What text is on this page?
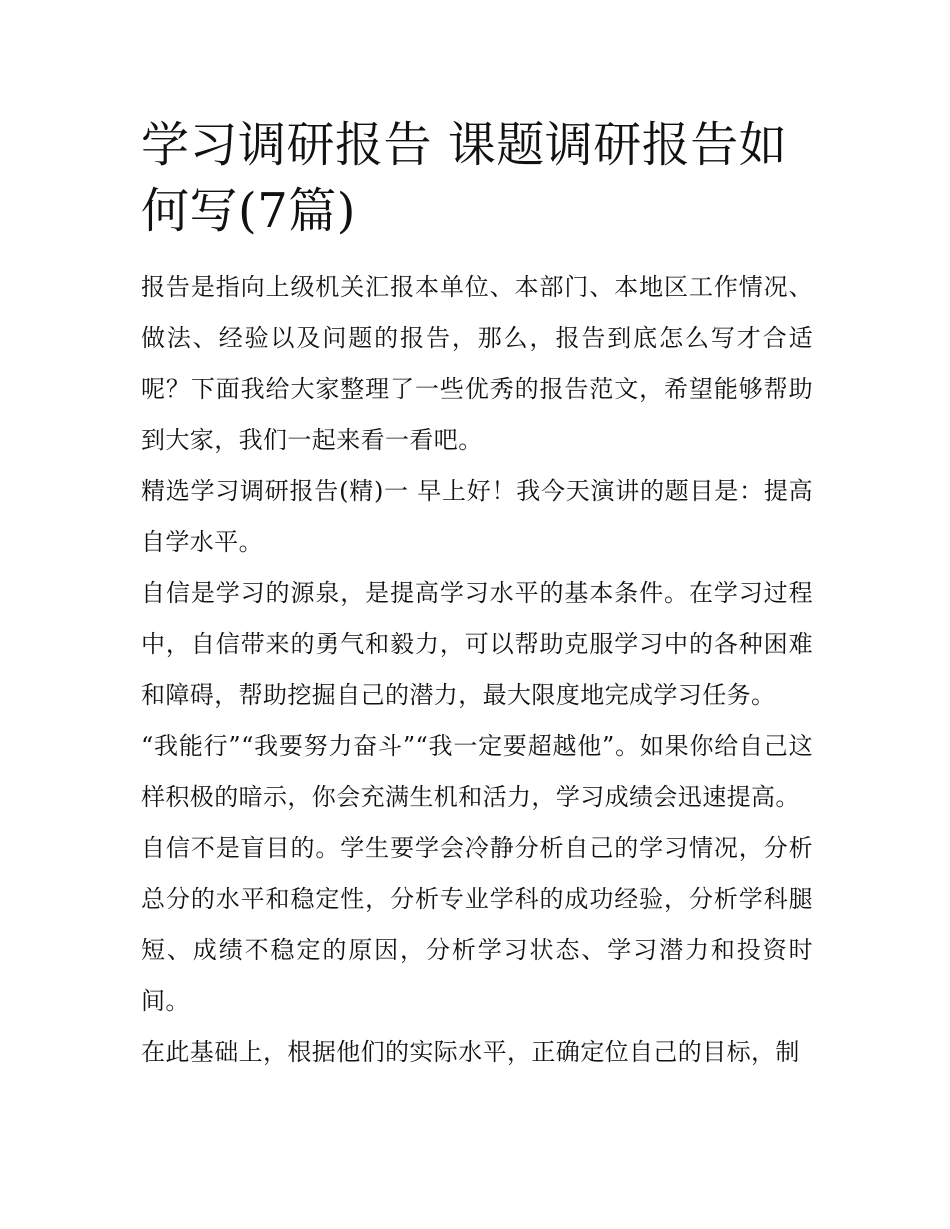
学习调研报告 课题调研报告如何写(7篇)

报告是指向上级机关汇报本单位、本部门、本地区工作情况、做法、经验以及问题的报告，那么，报告到底怎么写才合适呢？下面我给大家整理了一些优秀的报告范文，希望能够帮助到大家，我们一起来看一看吧。

精选学习调研报告(精)一 早上好！我今天演讲的题目是：提高自学水平。

自信是学习的源泉，是提高学习水平的基本条件。在学习过程中，自信带来的勇气和毅力，可以帮助克服学习中的各种困难和障碍，帮助挖掘自己的潜力，最大限度地完成学习任务。

“我能行”“我要努力奋斗”“我一定要超越他”。如果你给自己这样积极的暗示，你会充满生机和活力，学习成绩会迅速提高。

自信不是盲目的。学生要学会冷静分析自己的学习情况，分析总分的水平和稳定性，分析专业学科的成功经验，分析学科腿短、成绩不稳定的原因，分析学习状态、学习潜力和投资时间。

在此基础上，根据他们的实际水平，正确定位自己的目标，制
